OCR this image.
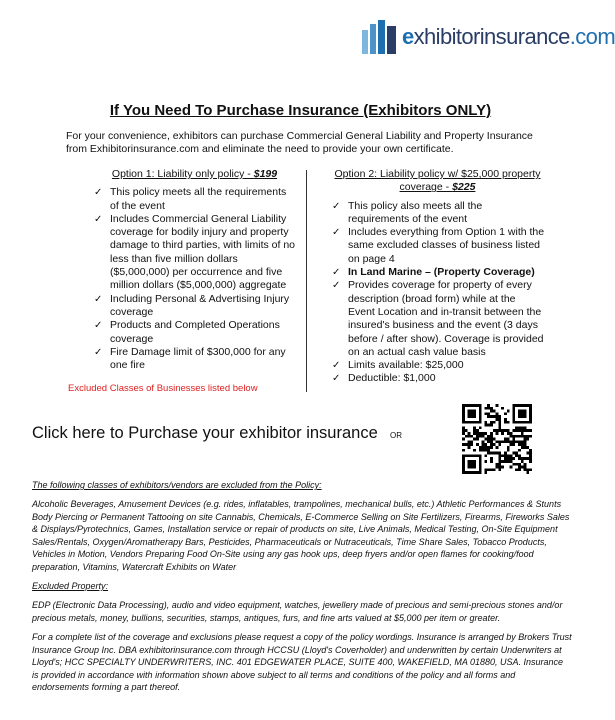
exhibitorinsurance.com
If You Need To Purchase Insurance (Exhibitors ONLY)
For your convenience, exhibitors can purchase Commercial General Liability and Property Insurance from Exhibitorinsurance.com and eliminate the need to provide your own certificate.
Option 1: Liability only policy - $199
✓ This policy meets all the requirements of the event
✓ Includes Commercial General Liability coverage for bodily injury and property damage to third parties, with limits of no less than five million dollars ($5,000,000) per occurrence and five million dollars ($5,000,000) aggregate
✓ Including Personal & Advertising Injury coverage
✓ Products and Completed Operations coverage
✓ Fire Damage limit of $300,000 for any one fire
Excluded Classes of Businesses listed below
Option 2: Liability policy w/ $25,000 property coverage - $225
✓ This policy also meets all the requirements of the event
✓ Includes everything from Option 1 with the same excluded classes of business listed on page 4
✓ In Land Marine – (Property Coverage)
✓ Provides coverage for property of every description (broad form) while at the Event Location and in-transit between the insured's business and the event (3 days before / after show). Coverage is provided on an actual cash value basis
✓ Limits available: $25,000
✓ Deductible: $1,000
Click here to Purchase your exhibitor insurance OR
The following classes of exhibitors/vendors are excluded from the Policy:
Alcoholic Beverages, Amusement Devices (e.g. rides, inflatables, trampolines, mechanical bulls, etc.) Athletic Performances & Stunts Body Piercing or Permanent Tattooing on site Cannabis, Chemicals, E-Commerce Selling on Site Fertilizers, Firearms, Fireworks Sales & Displays/Pyrotechnics, Games, Installation service or repair of products on site, Live Animals, Medical Testing, On-Site Equipment Sales/Rentals, Oxygen/Aromatherapy Bars, Pesticides, Pharmaceuticals or Nutraceuticals, Time Share Sales, Tobacco Products, Vehicles in Motion, Vendors Preparing Food On-Site using any gas hook ups, deep fryers and/or open flames for cooking/food preparation, Vitamins, Watercraft Exhibits on Water
Excluded Property:
EDP (Electronic Data Processing), audio and video equipment, watches, jewellery made of precious and semi-precious stones and/or precious metals, money, bullions, securities, stamps, antiques, furs, and fine arts valued at $5,000 per item or greater.
For a complete list of the coverage and exclusions please request a copy of the policy wordings. Insurance is arranged by Brokers Trust Insurance Group Inc. DBA exhibitorinsurance.com through HCCSU (Lloyd's Coverholder) and underwritten by certain Underwriters at Lloyd's; HCC SPECIALTY UNDERWRITERS, INC. 401 EDGEWATER PLACE, SUITE 400, WAKEFIELD, MA 01880, USA. Insurance is provided in accordance with information shown above subject to all terms and conditions of the policy and all forms and endorsements forming a part thereof.
